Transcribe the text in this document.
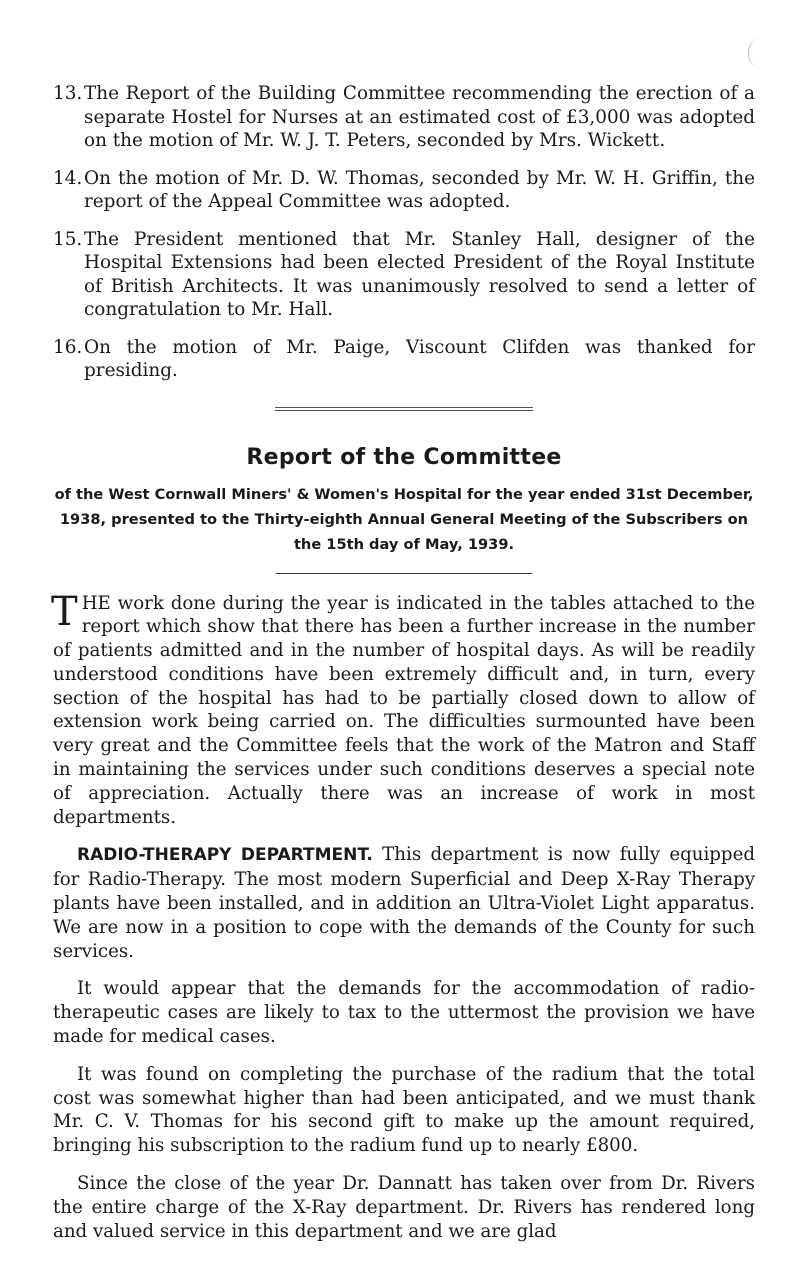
13. The Report of the Building Committee recommending the erection of a separate Hostel for Nurses at an estimated cost of £3,000 was adopted on the motion of Mr. W. J. T. Peters, seconded by Mrs. Wickett.
14. On the motion of Mr. D. W. Thomas, seconded by Mr. W. H. Griffin, the report of the Appeal Committee was adopted.
15. The President mentioned that Mr. Stanley Hall, designer of the Hospital Extensions had been elected President of the Royal Institute of British Architects. It was unanimously resolved to send a letter of congratulation to Mr. Hall.
16. On the motion of Mr. Paige, Viscount Clifden was thanked for presiding.
Report of the Committee
of the West Cornwall Miners' & Women's Hospital for the year ended 31st December, 1938, presented to the Thirty-eighth Annual General Meeting of the Subscribers on the 15th day of May, 1939.

THE work done during the year is indicated in the tables attached to the report which show that there has been a further increase in the number of patients admitted and in the number of hospital days. As will be readily understood conditions have been extremely difficult and, in turn, every section of the hospital has had to be partially closed down to allow of extension work being carried on. The difficulties surmounted have been very great and the Committee feels that the work of the Matron and Staff in maintaining the services under such conditions deserves a special note of appreciation. Actually there was an increase of work in most departments.

RADIO-THERAPY DEPARTMENT. This department is now fully equipped for Radio-Therapy. The most modern Superficial and Deep X-Ray Therapy plants have been installed, and in addition an Ultra-Violet Light apparatus. We are now in a position to cope with the demands of the County for such services.

It would appear that the demands for the accommodation of radio-therapeutic cases are likely to tax to the uttermost the provision we have made for medical cases.

It was found on completing the purchase of the radium that the total cost was somewhat higher than had been anticipated, and we must thank Mr. C. V. Thomas for his second gift to make up the amount required, bringing his subscription to the radium fund up to nearly £800.

Since the close of the year Dr. Dannatt has taken over from Dr. Rivers the entire charge of the X-Ray department. Dr. Rivers has rendered long and valued service in this department and we are glad
